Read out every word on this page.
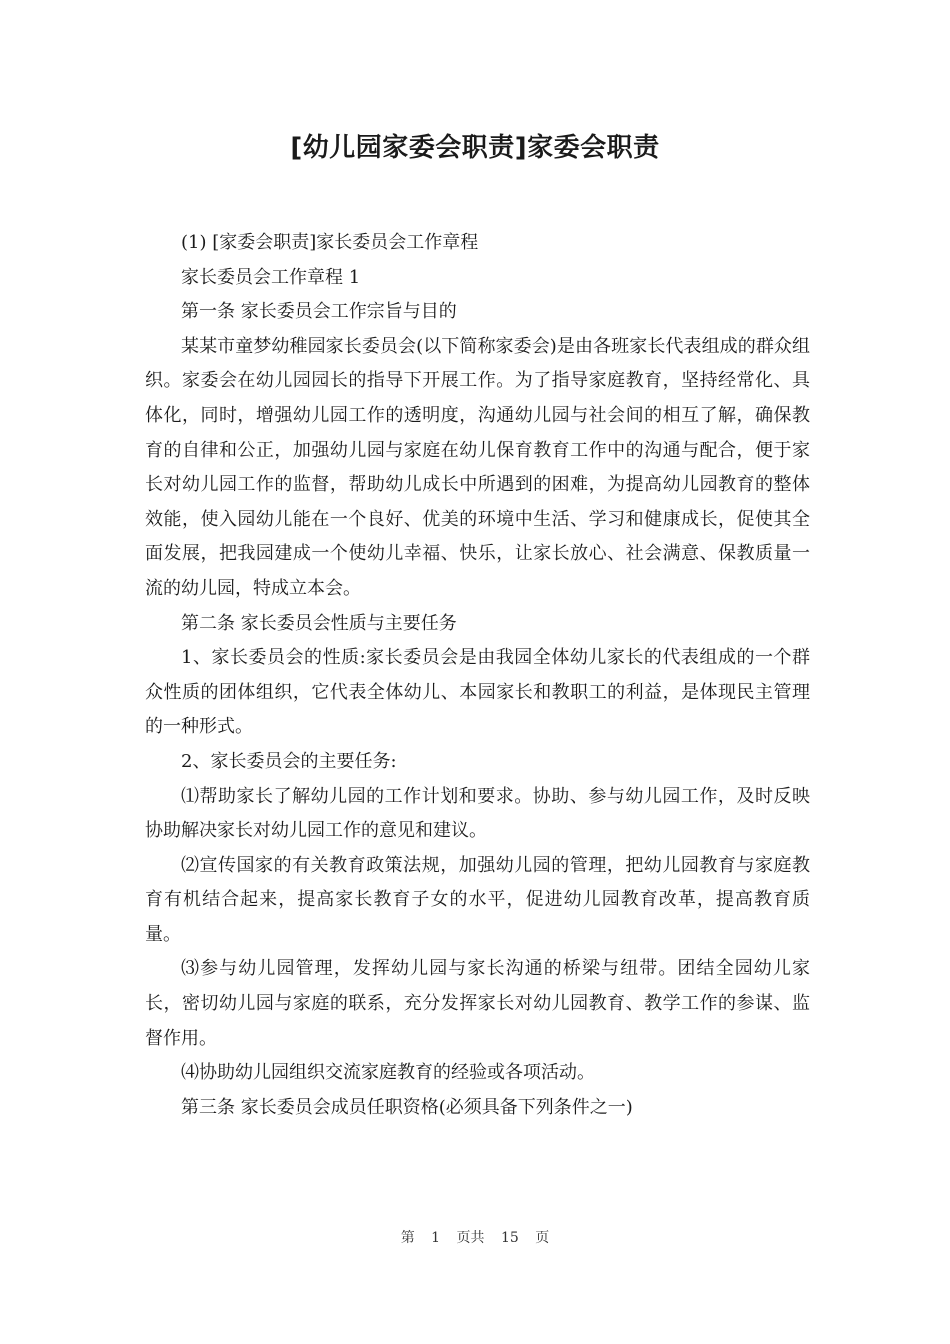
[幼儿园家委会职责]家委会职责

(1) [家委会职责]家长委员会工作章程

家长委员会工作章程 1

第一条 家长委员会工作宗旨与目的

某某市童梦幼稚园家长委员会(以下简称家委会)是由各班家长代表组成的群众组织。家委会在幼儿园园长的指导下开展工作。为了指导家庭教育，坚持经常化、具体化，同时，增强幼儿园工作的透明度，沟通幼儿园与社会间的相互了解，确保教育的自律和公正，加强幼儿园与家庭在幼儿保育教育工作中的沟通与配合，便于家长对幼儿园工作的监督，帮助幼儿成长中所遇到的困难，为提高幼儿园教育的整体效能，使入园幼儿能在一个良好、优美的环境中生活、学习和健康成长，促使其全面发展，把我园建成一个使幼儿幸福、快乐，让家长放心、社会满意、保教质量一流的幼儿园，特成立本会。

第二条 家长委员会性质与主要任务

1、家长委员会的性质:家长委员会是由我园全体幼儿家长的代表组成的一个群众性质的团体组织，它代表全体幼儿、本园家长和教职工的利益，是体现民主管理的一种形式。

2、家长委员会的主要任务:

⑴帮助家长了解幼儿园的工作计划和要求。协助、参与幼儿园工作，及时反映协助解决家长对幼儿园工作的意见和建议。

⑵宣传国家的有关教育政策法规，加强幼儿园的管理，把幼儿园教育与家庭教育有机结合起来，提高家长教育子女的水平，促进幼儿园教育改革，提高教育质量。

⑶参与幼儿园管理，发挥幼儿园与家长沟通的桥梁与纽带。团结全园幼儿家长，密切幼儿园与家庭的联系，充分发挥家长对幼儿园教育、教学工作的参谋、监督作用。

⑷协助幼儿园组织交流家庭教育的经验或各项活动。

第三条 家长委员会成员任职资格(必须具备下列条件之一)

第 1 页共 15 页
